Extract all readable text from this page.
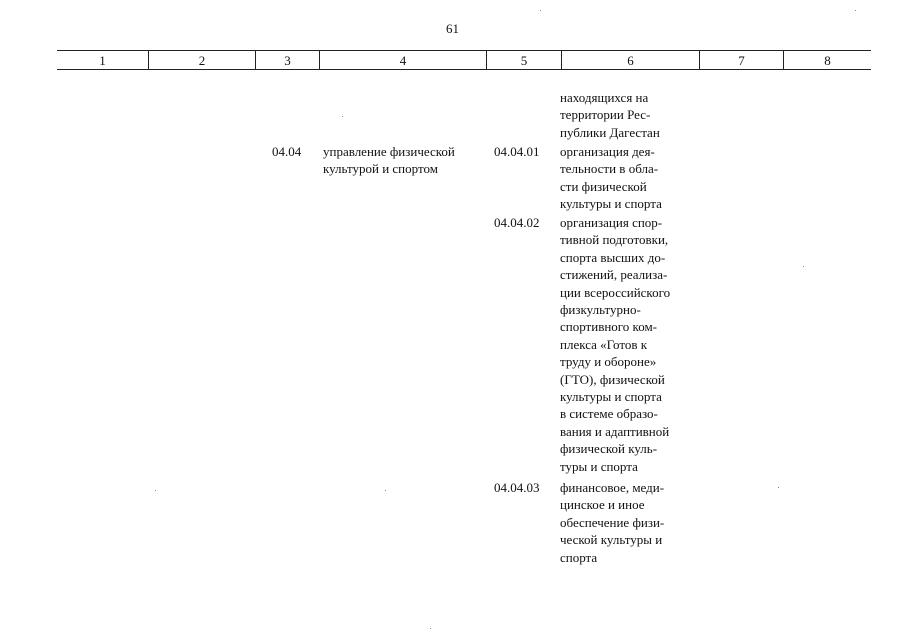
61
1	2	3	4	5	6	7	8
находящихся на
территории Рес-
публики Дагестан
04.04 управление физической
культурой и спортом
04.04.01 организация дея-
тельности в обла-
сти физической
культуры и спорта
04.04.02 организация спор-
тивной подготовки,
спорта высших до-
стижений, реализа-
ции всероссийского
физкультурно-
спортивного ком-
плекса «Готов к
труду и обороне»
(ГТО), физической
культуры и спорта
в системе образо-
вания и адаптивной
физической куль-
туры и спорта
04.04.03 финансовое, меди-
цинское и иное
обеспечение физи-
ческой культуры и
спорта
